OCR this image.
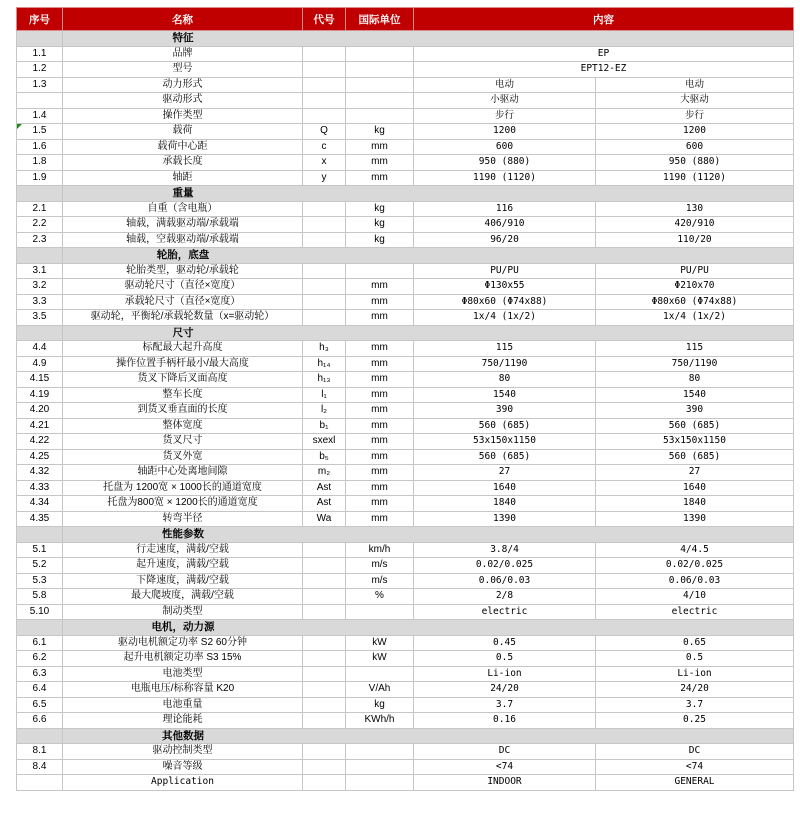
序号	名称	代号	国际单位	内容	

	特征				

1.1	品牌			EP	
1.2	型号			EPT12-EZ	
1.3	动力形式			电动	电动
	驱动形式			小驱动	大驱动
1.4	操作类型			步行	步行
1.5	载荷	Q	kg	1200	1200
1.6	载荷中心距	c	mm	600	600
1.8	承载长度	x	mm	950 (880)	950 (880)
1.9	轴距	y	mm	1190 (1120)	1190 (1120)

	重量				

2.1	自重（含电瓶）		kg	116	130
2.2	轴载，满载驱动端/承载端		kg	406/910	420/910
2.3	轴载，空载驱动端/承载端		kg	96/20	110/20

	轮胎，底盘				

3.1	轮胎类型，驱动轮/承载轮			PU/PU	PU/PU
3.2	驱动轮尺寸（直径×宽度）		mm	Φ130x55	Φ210x70
3.3	承载轮尺寸（直径×宽度）		mm	Φ80x60 (Φ74x88)	Φ80x60 (Φ74x88)
3.5	驱动轮，平衡轮/承载轮数量（x=驱动轮）		mm	1x/4 (1x/2)	1x/4 (1x/2)

	尺寸				

4.4	标配最大起升高度	h₃	mm	115	115
4.9	操作位置手柄杆最小/最大高度	h₁₄	mm	750/1190	750/1190
4.15	货叉下降后叉面高度	h₁₃	mm	80	80
4.19	整车长度	l₁	mm	1540	1540
4.20	到货叉垂直面的长度	l₂	mm	390	390
4.21	整体宽度	b₁	mm	560 (685)	560 (685)
4.22	货叉尺寸	sxexl	mm	53x150x1150	53x150x1150
4.25	货叉外宽	b₅	mm	560 (685)	560 (685)
4.32	轴距中心处离地间隙	m₂	mm	27	27
4.33	托盘为 1200宽 × 1000长的通道宽度	Ast	mm	1640	1640
4.34	托盘为800宽 × 1200长的通道宽度	Ast	mm	1840	1840
4.35	转弯半径	Wa	mm	1390	1390

	性能参数				

5.1	行走速度，满载/空载		km/h	3.8/4	4/4.5
5.2	起升速度，满载/空载		m/s	0.02/0.025	0.02/0.025
5.3	下降速度，满载/空载		m/s	0.06/0.03	0.06/0.03
5.8	最大爬坡度，满载/空载		%	2/8	4/10
5.10	制动类型			electric	electric

	电机，动力源				

6.1	驱动电机额定功率 S2 60分钟		kW	0.45	0.65
6.2	起升电机额定功率 S3 15%		kW	0.5	0.5
6.3	电池类型			Li-ion	Li-ion
6.4	电瓶电压/标称容量 K20		V/Ah	24/20	24/20
6.5	电池重量		kg	3.7	3.7
6.6	理论能耗		KWh/h	0.16	0.25

	其他数据				

8.1	驱动控制类型			DC	DC
8.4	噪音等级			<74	<74
	Application			INDOOR	GENERAL
